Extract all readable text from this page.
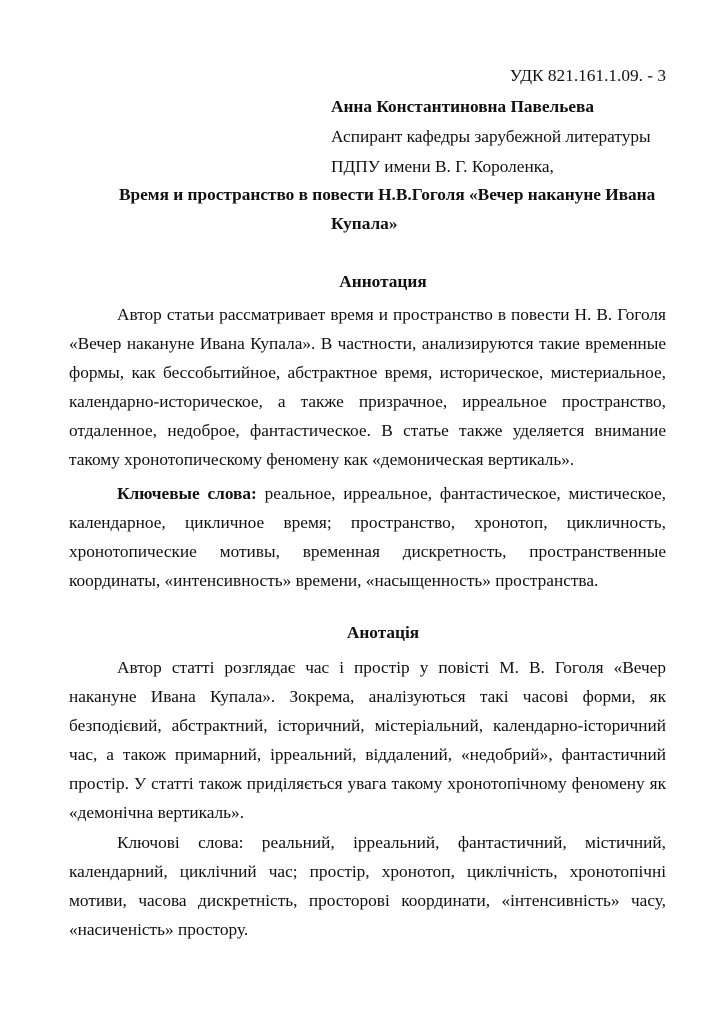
УДК 821.161.1.09. - 3
Анна Константиновна Павельева
Аспирант кафедры зарубежной литературы
ПДПУ имени В. Г. Короленка,
Время и пространство в повести Н.В.Гоголя «Вечер накануне Ивана
Купала»
Аннотация
Автор статьи рассматривает время и пространство в повести Н. В. Гоголя
«Вечер накануне Ивана Купала». В частности, анализируются такие временные
формы, как бессобытийное, абстрактное время, историческое, мистериальное,
календарно-историческое, а также призрачное, ирреальное пространство,
отдаленное, недоброе, фантастическое. В статье также уделяется внимание
такому хронотопическому феномену как «демоническая вертикаль».
Ключевые слова: реальное, ирреальное, фантастическое, мистическое,
календарное, цикличное время; пространство, хронотоп, цикличность,
хронотопические мотивы, временная дискретность, пространственные
координаты, «интенсивность» времени, «насыщенность» пространства.
Анотація
Автор статті розглядає час і простір у повісті М. В. Гоголя «Вечер
накануне Ивана Купала». Зокрема, аналізуються такі часові форми, як
безподієвий, абстрактний, історичний, містеріальний, календарно-історичний
час, а також примарний, ірреальний, віддалений, «недобрий», фантастичний
простір. У статті також приділяється увага такому хронотопічному феномену як
«демонічна вертикаль».
Ключові слова: реальний, ірреальний, фантастичний, містичний,
календарний, циклічний час; простір, хронотоп, циклічність, хронотопічні
мотиви, часова дискретність, просторові координати, «інтенсивність» часу,
«насиченість» простору.
